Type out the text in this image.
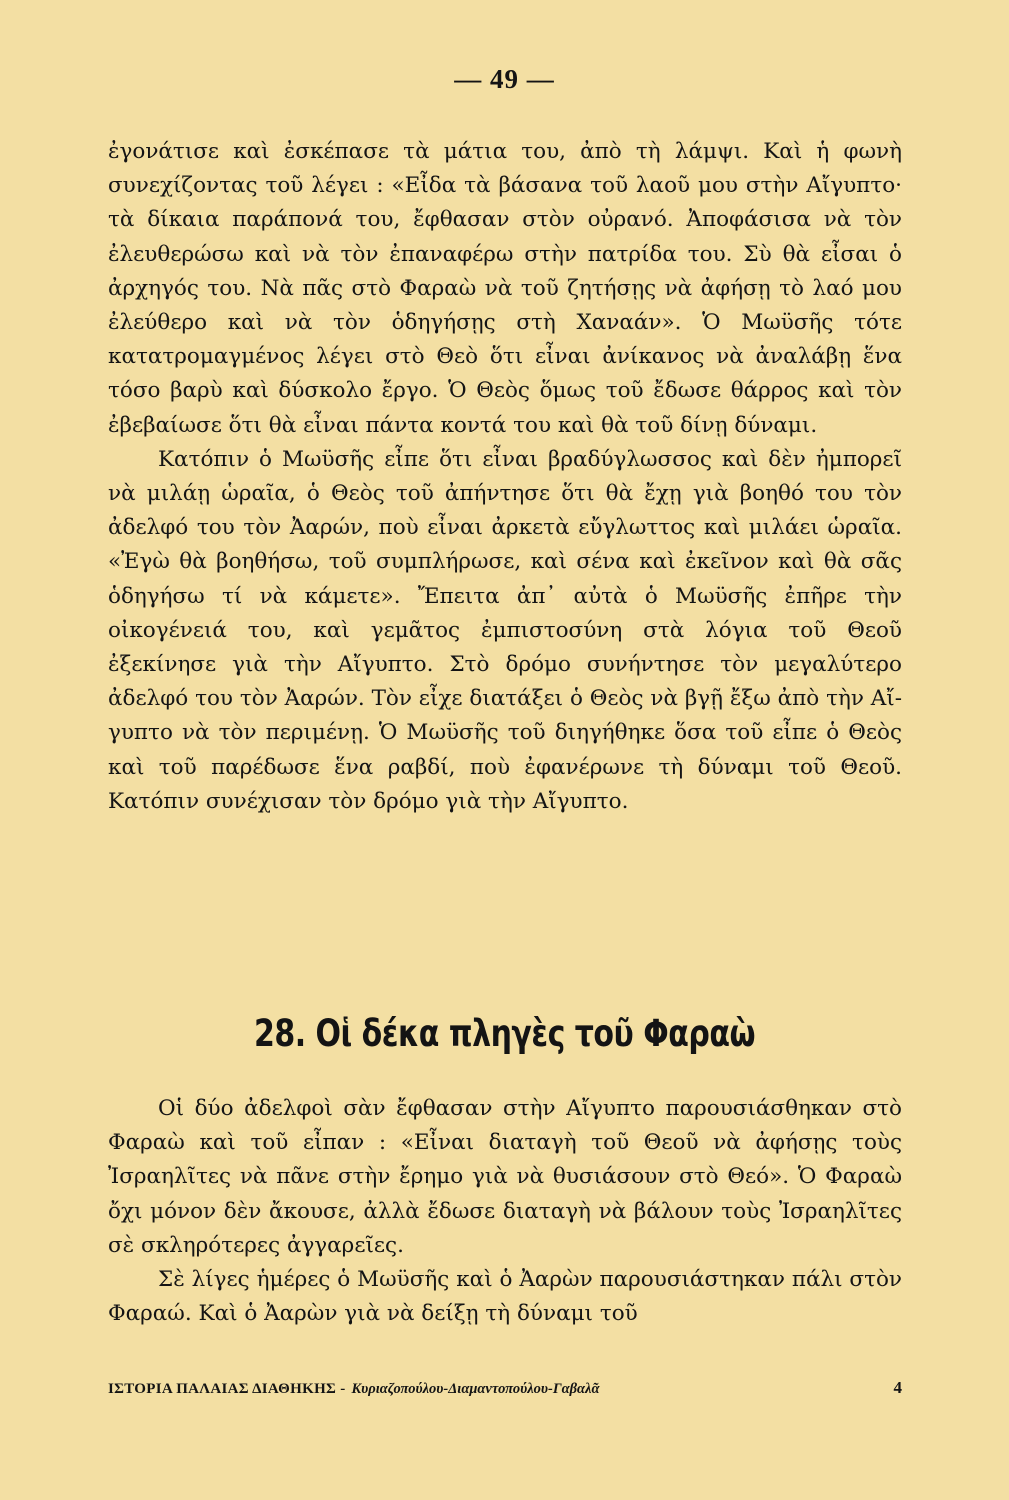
— 49 —

ἐγονάτισε καὶ ἐσκέπασε τὰ μάτια του, ἀπὸ τὴ λάμψι. Καὶ ἡ φωνὴ συνεχίζοντας τοῦ λέγει : «Εἶδα τὰ βάσανα τοῦ λαοῦ μου στὴν Αἴγυπτο· τὰ δίκαια παράπονά του, ἔφθασαν στὸν οὐρανό. Ἀποφάσισα νὰ τὸν ἐλευθερώσω καὶ νὰ τὸν ἐπαναφέρω στὴν πατρίδα του. Σὺ θὰ εἶσαι ὁ ἀρχηγός του. Νὰ πᾶς στὸ Φαραὼ νὰ τοῦ ζητήσῃς νὰ ἀφήσῃ τὸ λαό μου ἐλεύθερο καὶ νὰ τὸν ὁδηγήσῃς στὴ Χαναάν». Ὁ Μωϋσῆς τότε κατατρομαγμένος λέγει στὸ Θεὸ ὅτι εἶναι ἀνίκανος νὰ ἀναλάβῃ ἕνα τόσο βαρὺ καὶ δύσκολο ἔργο. Ὁ Θεὸς ὅμως τοῦ ἔδωσε θάρρος καὶ τὸν ἐβεβαίωσε ὅτι θὰ εἶναι πάντα κοντά του καὶ θὰ τοῦ δίνῃ δύναμι.

Κατόπιν ὁ Μωϋσῆς εἶπε ὅτι εἶναι βραδύγλωσσος καὶ δὲν ἠμπορεῖ νὰ μιλάῃ ὡραῖα, ὁ Θεὸς τοῦ ἀπήντησε ὅτι θὰ ἔχῃ γιὰ βοηθό του τὸν ἀδελφό του τὸν Ἀαρών, ποὺ εἶναι ἀρκετὰ εὔγλωττος καὶ μιλάει ὡραῖα. «Ἐγὼ θὰ βοηθήσω, τοῦ συμπλήρωσε, καὶ σένα καὶ ἐκεῖνον καὶ θὰ σᾶς ὁδηγήσω τί νὰ κάμετε». Ἔπειτα ἀπ᾿ αὐτὰ ὁ Μωϋσῆς ἐπῆρε τὴν οἰκογένειά του, καὶ γεμᾶτος ἐμπιστοσύνη στὰ λόγια τοῦ Θεοῦ ἐξεκίνησε γιὰ τὴν Αἴγυπτο. Στὸ δρόμο συνήντησε τὸν μεγαλύτερο ἀδελφό του τὸν Ἀαρών. Τὸν εἶχε διατάξει ὁ Θεὸς νὰ βγῇ ἔξω ἀπὸ τὴν Αἴγυπτο νὰ τὸν περιμένῃ. Ὁ Μωϋσῆς τοῦ διηγήθηκε ὅσα τοῦ εἶπε ὁ Θεὸς καὶ τοῦ παρέδωσε ἕνα ραβδί, ποὺ ἐφανέρωνε τὴ δύναμι τοῦ Θεοῦ. Κατόπιν συνέχισαν τὸν δρόμο γιὰ τὴν Αἴγυπτο.

28. Οἱ δέκα πληγὲς τοῦ Φαραὼ

Οἱ δύο ἀδελφοὶ σὰν ἔφθασαν στὴν Αἴγυπτο παρουσιάσθηκαν στὸ Φαραὼ καὶ τοῦ εἶπαν : «Εἶναι διαταγὴ τοῦ Θεοῦ νὰ ἀφήσῃς τοὺς Ἰσραηλῖτες νὰ πᾶνε στὴν ἔρημο γιὰ νὰ θυσιάσουν στὸ Θεό». Ὁ Φαραὼ ὄχι μόνον δὲν ἄκουσε, ἀλλὰ ἔδωσε διαταγὴ νὰ βάλουν τοὺς Ἰσραηλῖτες σὲ σκληρότερες ἀγγαρεῖες.

Σὲ λίγες ἡμέρες ὁ Μωϋσῆς καὶ ὁ Ἀαρὼν παρουσιάστηκαν πάλι στὸν Φαραώ. Καὶ ὁ Ἀαρὼν γιὰ νὰ δείξῃ τὴ δύναμι τοῦ

ΙΣΤΟΡΙΑ ΠΑΛΑΙΑΣ ΔΙΑΘΗΚΗΣ - Κυριαζοπούλου-Διαμαντοπούλου-Γαβαλᾶ	4
